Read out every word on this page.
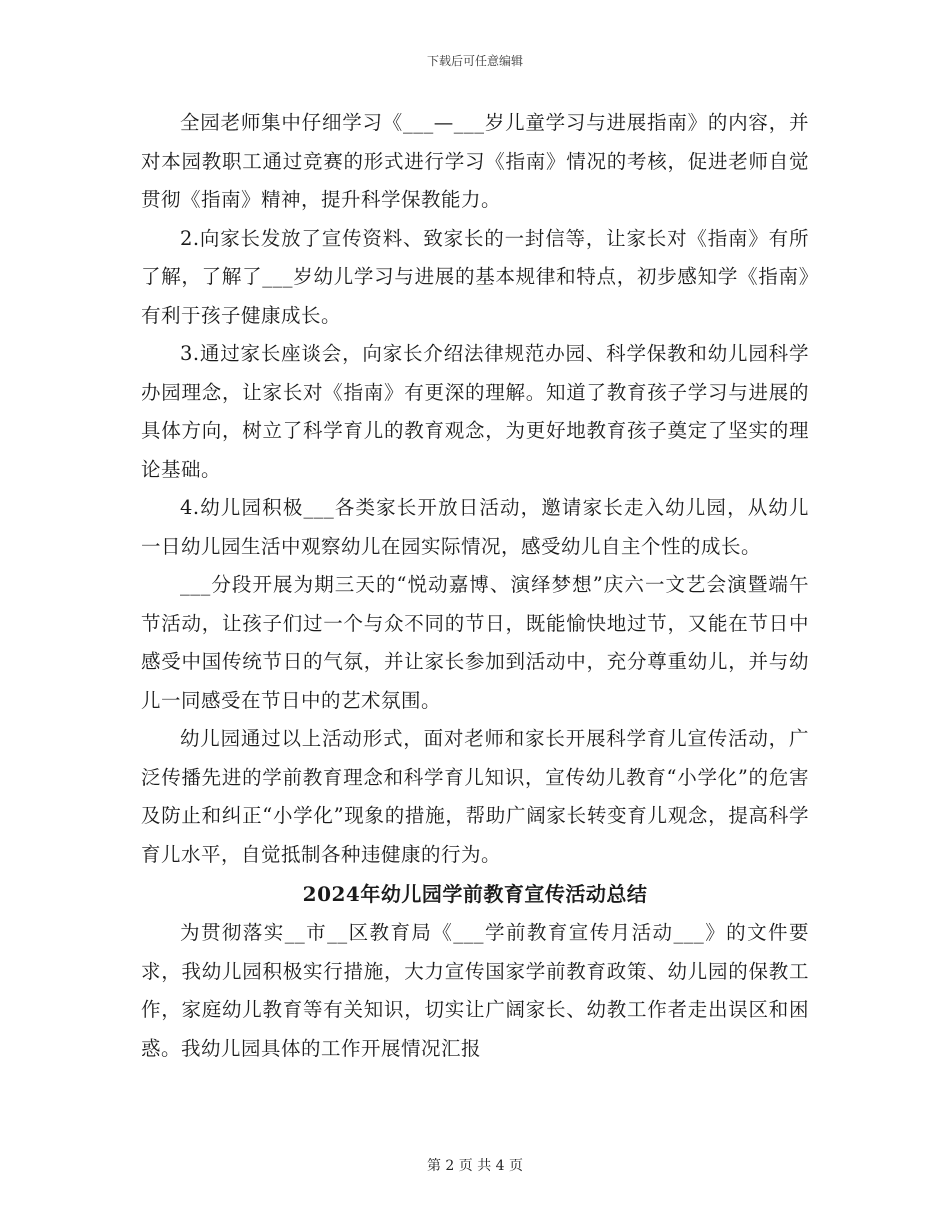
下载后可任意编辑

全园老师集中仔细学习《___—___岁儿童学习与进展指南》的内容，并对本园教职工通过竞赛的形式进行学习《指南》情况的考核，促进老师自觉贯彻《指南》精神，提升科学保教能力。

2.向家长发放了宣传资料、致家长的一封信等，让家长对《指南》有所了解，了解了___岁幼儿学习与进展的基本规律和特点，初步感知学《指南》有利于孩子健康成长。

3.通过家长座谈会，向家长介绍法律规范办园、科学保教和幼儿园科学办园理念，让家长对《指南》有更深的理解。知道了教育孩子学习与进展的具体方向，树立了科学育儿的教育观念，为更好地教育孩子奠定了坚实的理论基础。

4.幼儿园积极___各类家长开放日活动，邀请家长走入幼儿园，从幼儿一日幼儿园生活中观察幼儿在园实际情况，感受幼儿自主个性的成长。

___分段开展为期三天的“悦动嘉博、演绎梦想”庆六一文艺会演暨端午节活动，让孩子们过一个与众不同的节日，既能愉快地过节，又能在节日中感受中国传统节日的气氛，并让家长参加到活动中，充分尊重幼儿，并与幼儿一同感受在节日中的艺术氛围。

幼儿园通过以上活动形式，面对老师和家长开展科学育儿宣传活动，广泛传播先进的学前教育理念和科学育儿知识，宣传幼儿教育“小学化”的危害及防止和纠正“小学化”现象的措施，帮助广阔家长转变育儿观念，提高科学育儿水平，自觉抵制各种违健康的行为。

2024年幼儿园学前教育宣传活动总结

为贯彻落实__市__区教育局《___学前教育宣传月活动___》的文件要求，我幼儿园积极实行措施，大力宣传国家学前教育政策、幼儿园的保教工作，家庭幼儿教育等有关知识，切实让广阔家长、幼教工作者走出误区和困惑。我幼儿园具体的工作开展情况汇报

第 2 页 共 4 页
